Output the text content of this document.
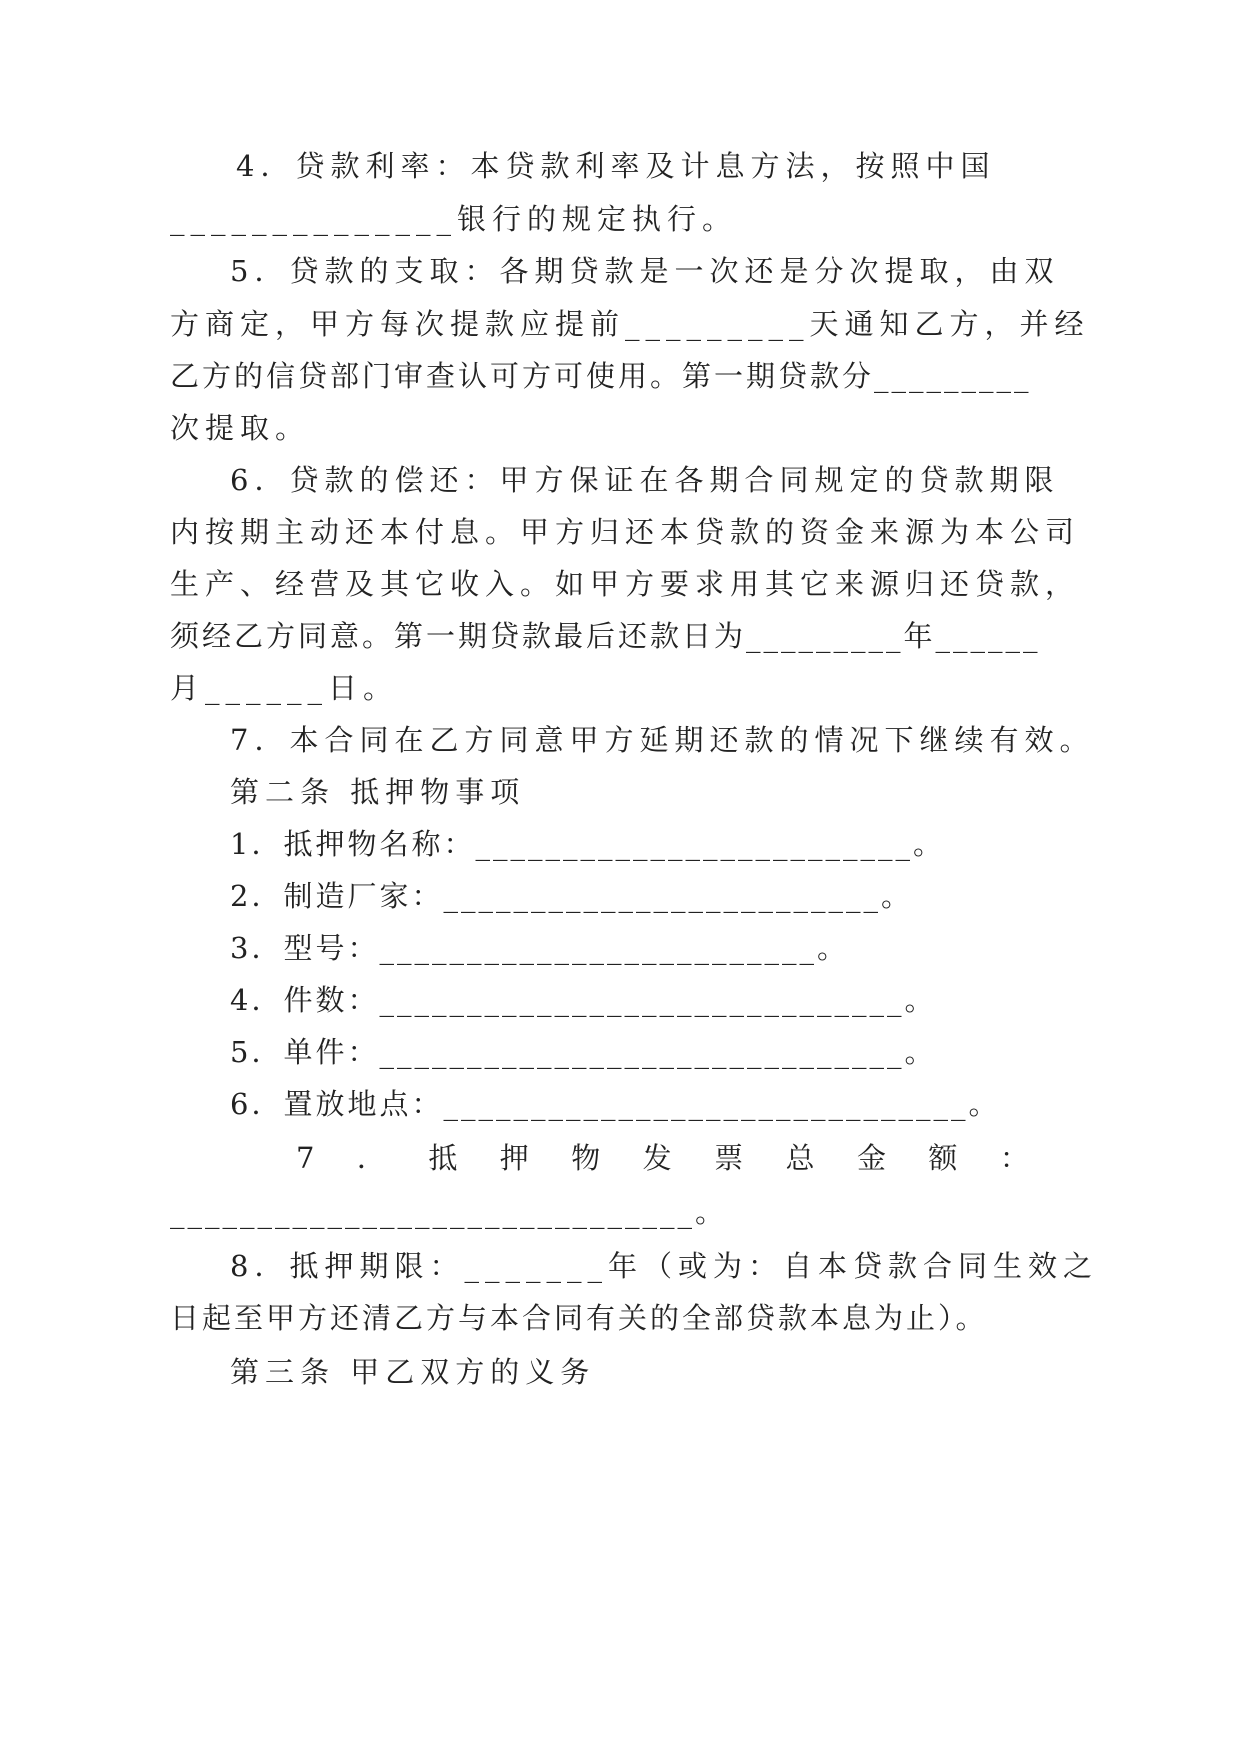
4．贷款利率：本贷款利率及计息方法，按照中国
______________银行的规定执行。
5．贷款的支取：各期贷款是一次还是分次提取，由双
方商定，甲方每次提款应提前_________天通知乙方，并经
乙方的信贷部门审查认可方可使用。第一期贷款分_________
次提取。
6．贷款的偿还：甲方保证在各期合同规定的贷款期限
内按期主动还本付息。甲方归还本贷款的资金来源为本公司
生产、经营及其它收入。如甲方要求用其它来源归还贷款，
须经乙方同意。第一期贷款最后还款日为_________年______
月______日。
7．本合同在乙方同意甲方延期还款的情况下继续有效。
第二条 抵押物事项
1．抵押物名称：_________________________。
2．制造厂家：_________________________。
3．型号：_________________________。
4．件数：______________________________。
5．单件：______________________________。
6．置放地点：______________________________。
7  ．  抵  押  物  发  票  总  金  额  ：
______________________________。
8．抵押期限：_______年（或为：自本贷款合同生效之
日起至甲方还清乙方与本合同有关的全部贷款本息为止）。
第三条 甲乙双方的义务
